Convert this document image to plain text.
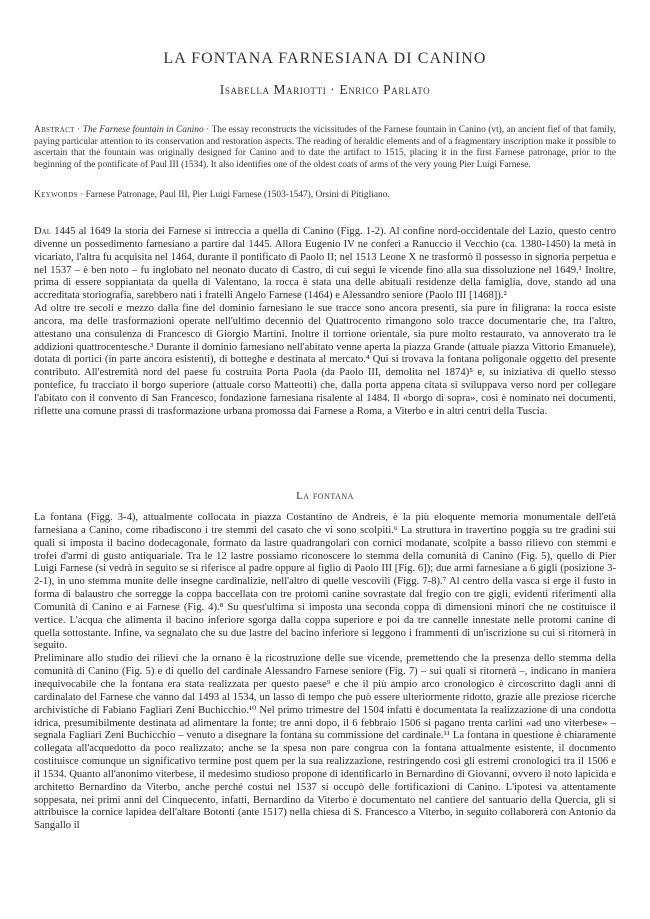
LA FONTANA FARNESIANA DI CANINO
Isabella Mariotti · Enrico Parlato
Abstract · The Farnese fountain in Canino · The essay reconstructs the vicissitudes of the Farnese fountain in Canino (vt), an ancient fief of that family, paying particular attention to its conservation and restoration aspects. The reading of heraldic elements and of a fragmentary inscription make it possible to ascertain that the fountain was originally designed for Canino and to date the artifact to 1515, placing it in the first Farnese patronage, prior to the beginning of the pontificate of Paul III (1534). It also identifies one of the oldest coats of arms of the very young Pier Luigi Farnese.
Keywords · Farnese Patronage, Paul III, Pier Luigi Farnese (1503-1547), Orsini di Pitigliano.

Dal 1445 al 1649 la storia dei Farnese si intreccia a quella di Canino (Figg. 1-2). Al confine nord-occidentale del Lazio, questo centro divenne un possedimento farnesiano a partire dal 1445. Allora Eugenio IV ne conferì a Ranuccio il Vecchio (ca. 1380-1450) la metà in vicariato, l'altra fu acquisita nel 1464, durante il pontificato di Paolo II; nel 1513 Leone X ne trasformò il possesso in signoria perpetua e nel 1537 – è ben noto – fu inglobato nel neonato ducato di Castro, di cui seguì le vicende fino alla sua dissoluzione nel 1649.¹ Inoltre, prima di essere soppiantata da quella di Valentano, la rocca è stata una delle abituali residenze della famiglia, dove, stando ad una accreditata storiografia, sarebbero nati i fratelli Angelo Farnese (1464) e Alessandro seniore (Paolo III [1468]).²

Ad oltre tre secoli e mezzo dalla fine del dominio farnesiano le sue tracce sono ancora presenti, sia pure in filigrana: la rocca esiste ancora, ma delle trasformazioni operate nell'ultimo decennio del Quattrocento rimangono solo tracce documentarie che, tra l'altro, attestano una consulenza di Francesco di Giorgio Martini. Inoltre il torrione orientale, sia pure molto restaurato, va annoverato tra le addizioni quattrocentesche.³ Durante il dominio farnesiano nell'abitato venne aperta la piazza Grande (attuale piazza Vittorio Emanuele), dotata di portici (in parte ancora esistenti), di botteghe e destinata al mercato.⁴ Qui si trovava la fontana poligonale oggetto del presente contributo. All'estremità nord del paese fu costruita Porta Paola (da Paolo III, demolita nel 1874)⁵ e, su iniziativa di quello stesso pontefice, fu tracciato il borgo superiore (attuale corso Matteotti) che, dalla porta appena citata si sviluppava verso nord per collegare l'abitato con il convento di San Francesco, fondazione farnesiana risalente al 1484. Il «borgo di sopra», così è nominato nei documenti, riflette una comune prassi di trasformazione urbana promossa dai Farnese a Roma, a Viterbo e in altri centri della Tuscia.

La fontana

La fontana (Figg. 3-4), attualmente collocata in piazza Costantino de Andreis, è la più eloquente memoria monumentale dell'età farnesiana a Canino, come ribadiscono i tre stemmi del casato che vi sono scolpiti.⁶ La struttura in travertino poggia su tre gradini sui quali si imposta il bacino dodecagonale, formato da lastre quadrangolari con cornici modanate, scolpite a basso rilievo con stemmi e trofei d'armi di gusto antiquariale. Tra le 12 lastre possiamo riconoscere lo stemma della comunità di Canino (Fig. 5), quello di Pier Luigi Farnese (si vedrà in seguito se si riferisce al padre oppure al figlio di Paolo III [Fig. 6]); due armi farnesiane a 6 gigli (posizione 3-2-1), in uno stemma munite delle insegne cardinalizie, nell'altro di quelle vescovili (Figg. 7-8).⁷ Al centro della vasca si erge il fusto in forma di balaustro che sorregge la coppa baccellata con tre protomi canine sovrastate dal fregio con tre gigli, evidenti riferimenti alla Comunità di Canino e ai Farnese (Fig. 4).⁸ Su quest'ultima si imposta una seconda coppa di dimensioni minori che ne costituisce il vertice. L'acqua che alimenta il bacino inferiore sgorga dalla coppa superiore e poi da tre cannelle innestate nelle protomi canine di quella sottostante. Infine, va segnalato che su due lastre del bacino inferiore si leggono i frammenti di un'iscrizione su cui si ritornerà in seguito.

Preliminare allo studio dei rilievi che la ornano è la ricostruzione delle sue vicende, premettendo che la presenza dello stemma della comunità di Canino (Fig. 5) e di quello del cardinale Alessandro Farnese seniore (Fig. 7) – sui quali si ritornerà –, indicano in maniera inequivocabile che la fontana era stata realizzata per questo paese⁹ e che il più ampio arco cronologico è circoscritto dagli anni di cardinalato del Farnese che vanno dal 1493 al 1534, un lasso di tempo che può essere ulteriormente ridotto, grazie alle preziose ricerche archivistiche di Fabiano Fagliari Zeni Buchicchio.¹⁰ Nel primo trimestre del 1504 infatti è documentata la realizzazione di una condotta idrica, presumibilmente destinata ad alimentare la fonte; tre anni dopo, il 6 febbraio 1506 si pagano trenta carlini «ad uno viterbese» – segnala Fagliari Zeni Buchicchio – venuto a disegnare la fontana su commissione del cardinale.¹¹ La fontana in questione è chiaramente collegata all'acquedotto da poco realizzato; anche se la spesa non pare congrua con la fontana attualmente esistente, il documento costituisce comunque un significativo termine post quem per la sua realizzazione, restringendo così gli estremi cronologici tra il 1506 e il 1534. Quanto all'anonimo viterbese, il medesimo studioso propone di identificarlo in Bernardino di Giovanni, ovvero il noto lapicida e architetto Bernardino da Viterbo, anche perché costui nel 1537 si occupò delle fortificazioni di Canino. L'ipotesi va attentamente soppesata, nei primi anni del Cinquecento, infatti, Bernardino da Viterbo è documentato nel cantiere del santuario della Quercia, gli si attribuisce la cornice lapidea dell'altare Botonti (ante 1517) nella chiesa di S. Francesco a Viterbo, in seguito collaborerà con Antonio da Sangallo il
